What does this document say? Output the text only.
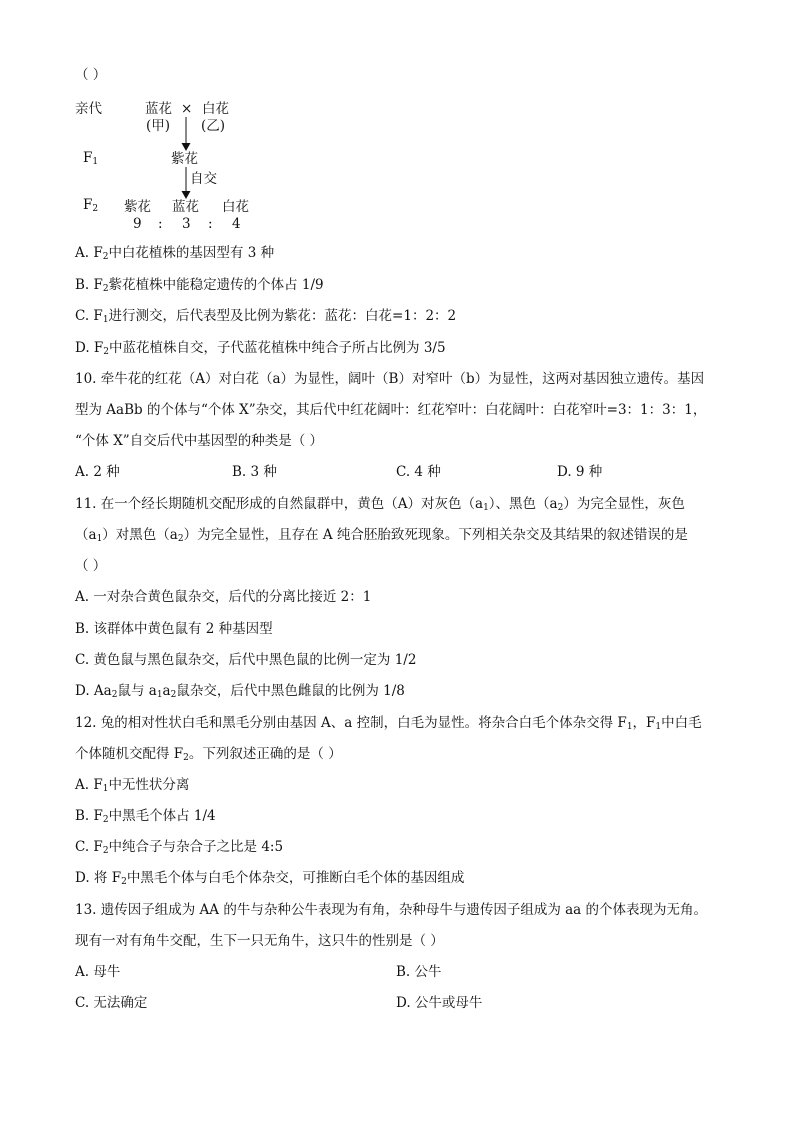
（ ）
亲代	蓝花 × 白花
(甲) (乙)
$F_1$	紫花
自交
$F_2$ 紫花 蓝花 白花
9 : 3 : 4
A. $F_2$中白花植株的基因型有 3 种
B. $F_2$紫花植株中能稳定遗传的个体占 1/9
C. $F_1$进行测交，后代表型及比例为紫花：蓝花：白花=1：2：2
D. $F_2$中蓝花植株自交，子代蓝花植株中纯合子所占比例为 3/5
10. 牵牛花的红花（A）对白花（a）为显性，阔叶（B）对窄叶（b）为显性，这两对基因独立遗传。基因
型为 AaBb 的个体与“个体 X”杂交，其后代中红花阔叶：红花窄叶：白花阔叶：白花窄叶=3：1：3：1，
“个体 X”自交后代中基因型的种类是（ ）
A. 2 种	B. 3 种	C. 4 种	D. 9 种
11. 在一个经长期随机交配形成的自然鼠群中，黄色（A）对灰色$(a_1)$、黑色$(a_2)$为完全显性，灰色
$(a_1)$对黑色$(a_2)$为完全显性，且存在 A 纯合胚胎致死现象。下列相关杂交及其结果的叙述错误的是
（ ）
A. 一对杂合黄色鼠杂交，后代的分离比接近 2：1
B. 该群体中黄色鼠有 2 种基因型
C. 黄色鼠与黑色鼠杂交，后代中黑色鼠的比例一定为 1/2
D. $Aa_2$鼠与 $a_1a_2$鼠杂交，后代中黑色雌鼠的比例为 1/8
12. 兔的相对性状白毛和黑毛分别由基因 A、a 控制，白毛为显性。将杂合白毛个体杂交得 $F_1$，$F_1$中白毛
个体随机交配得 $F_2$。下列叙述正确的是（ ）
A. $F_1$中无性状分离
B. $F_2$中黑毛个体占 1/4
C. $F_2$中纯合子与杂合子之比是 4:5
D. 将 $F_2$中黑毛个体与白毛个体杂交，可推断白毛个体的基因组成
13. 遗传因子组成为 AA 的牛与杂种公牛表现为有角，杂种母牛与遗传因子组成为 aa 的个体表现为无角。
现有一对有角牛交配，生下一只无角牛，这只牛的性别是（ ）
A. 母牛	B. 公牛
C. 无法确定	D. 公牛或母牛
